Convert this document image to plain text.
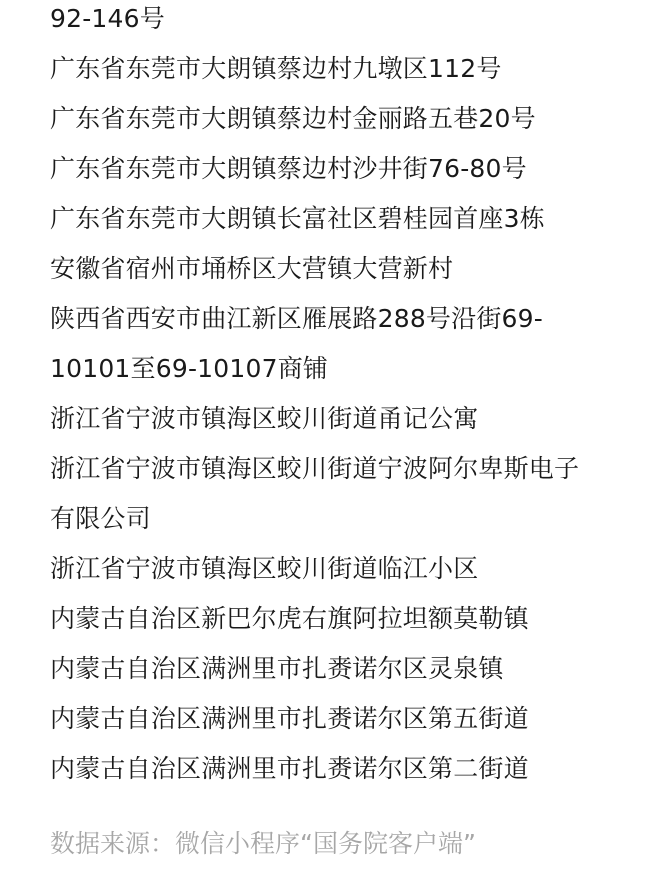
92-146号
广东省东莞市大朗镇蔡边村九墩区112号
广东省东莞市大朗镇蔡边村金丽路五巷20号
广东省东莞市大朗镇蔡边村沙井街76-80号
广东省东莞市大朗镇长富社区碧桂园首座3栋
安徽省宿州市埇桥区大营镇大营新村
陕西省西安市曲江新区雁展路288号沿街69-
10101至69-10107商铺
浙江省宁波市镇海区蛟川街道甬记公寓
浙江省宁波市镇海区蛟川街道宁波阿尔卑斯电子
有限公司
浙江省宁波市镇海区蛟川街道临江小区
内蒙古自治区新巴尔虎右旗阿拉坦额莫勒镇
内蒙古自治区满洲里市扎赉诺尔区灵泉镇
内蒙古自治区满洲里市扎赉诺尔区第五街道
内蒙古自治区满洲里市扎赉诺尔区第二街道
数据来源：微信小程序“国务院客户端”
